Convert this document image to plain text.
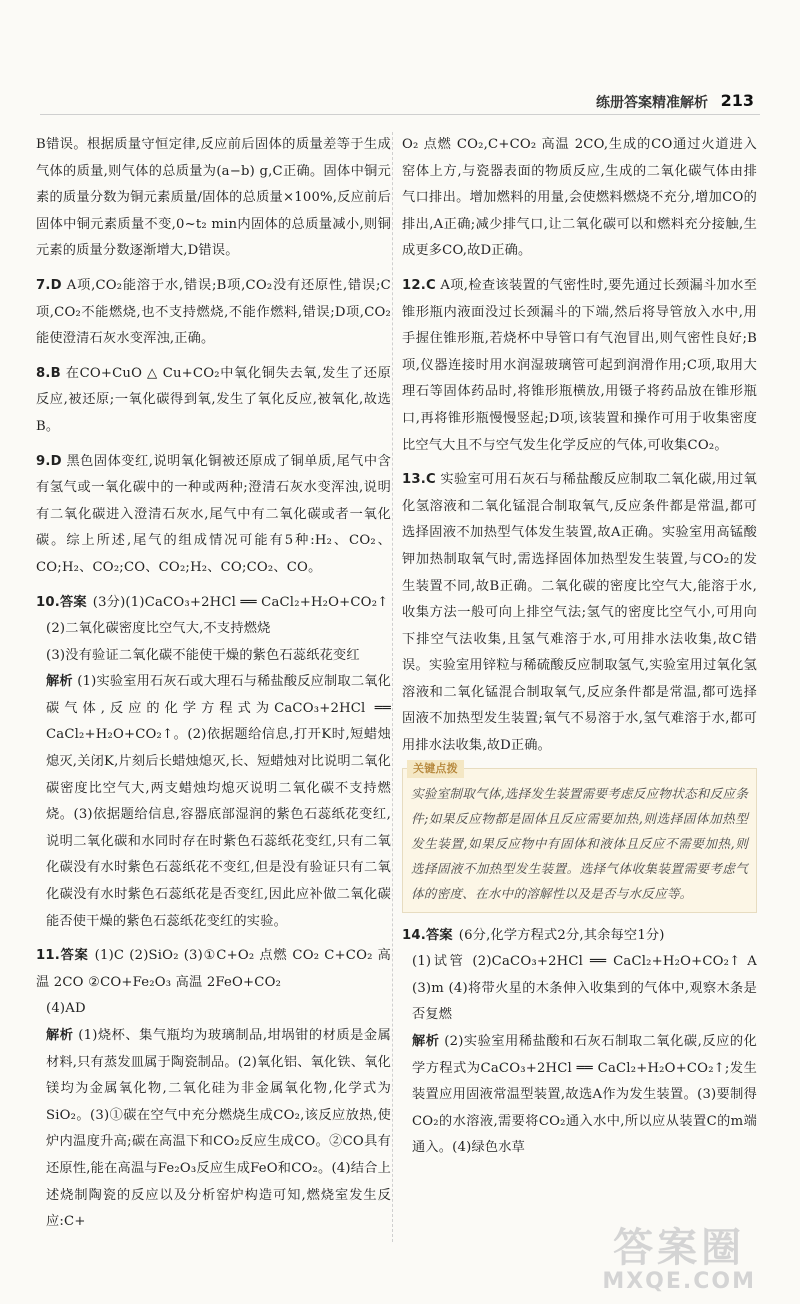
练册答案精准解析 213

B错误。根据质量守恒定律,反应前后固体的质量差等于生成气体的质量,则气体的总质量为(a−b) g,C正确。固体中铜元素的质量分数为铜元素质量/固体的总质量×100%,反应前后固体中铜元素质量不变,0~t₂ min内固体的总质量减小,则铜元素的质量分数逐渐增大,D错误。

7.D A项,CO₂能溶于水,错误;B项,CO₂没有还原性,错误;C项,CO₂不能燃烧,也不支持燃烧,不能作燃料,错误;D项,CO₂能使澄清石灰水变浑浊,正确。

8.B 在CO+CuO △ Cu+CO₂中氧化铜失去氧,发生了还原反应,被还原;一氧化碳得到氧,发生了氧化反应,被氧化,故选B。

9.D 黑色固体变红,说明氧化铜被还原成了铜单质,尾气中含有氢气或一氧化碳中的一种或两种;澄清石灰水变浑浊,说明有二氧化碳进入澄清石灰水,尾气中有二氧化碳或者一氧化碳。综上所述,尾气的组成情况可能有5种:H₂、CO₂、CO;H₂、CO₂;CO、CO₂;H₂、CO;CO₂、CO。

10.答案 (3分)(1)CaCO₃+2HCl ══ CaCl₂+H₂O+CO₂↑

(2)二氧化碳密度比空气大,不支持燃烧

(3)没有验证二氧化碳不能使干燥的紫色石蕊纸花变红

解析 (1)实验室用石灰石或大理石与稀盐酸反应制取二氧化碳气体,反应的化学方程式为CaCO₃+2HCl ══ CaCl₂+H₂O+CO₂↑。(2)依据题给信息,打开K时,短蜡烛熄灭,关闭K,片刻后长蜡烛熄灭,长、短蜡烛对比说明二氧化碳密度比空气大,两支蜡烛均熄灭说明二氧化碳不支持燃烧。(3)依据题给信息,容器底部湿润的紫色石蕊纸花变红,说明二氧化碳和水同时存在时紫色石蕊纸花变红,只有二氧化碳没有水时紫色石蕊纸花不变红,但是没有验证只有二氧化碳没有水时紫色石蕊纸花是否变红,因此应补做二氧化碳能否使干燥的紫色石蕊纸花变红的实验。

11.答案 (1)C (2)SiO₂ (3)①C+O₂ 点燃 CO₂ C+CO₂ 高温 2CO ②CO+Fe₂O₃ 高温 2FeO+CO₂

(4)AD

解析 (1)烧杯、集气瓶均为玻璃制品,坩埚钳的材质是金属材料,只有蒸发皿属于陶瓷制品。(2)氧化铝、氧化铁、氧化镁均为金属氧化物,二氧化硅为非金属氧化物,化学式为SiO₂。(3)①碳在空气中充分燃烧生成CO₂,该反应放热,使炉内温度升高;碳在高温下和CO₂反应生成CO。②CO具有还原性,能在高温与Fe₂O₃反应生成FeO和CO₂。(4)结合上述烧制陶瓷的反应以及分析窑炉构造可知,燃烧室发生反应:C+

O₂ 点燃 CO₂,C+CO₂ 高温 2CO,生成的CO通过火道进入窑体上方,与瓷器表面的物质反应,生成的二氧化碳气体由排气口排出。增加燃料的用量,会使燃料燃烧不充分,增加CO的排出,A正确;减少排气口,让二氧化碳可以和燃料充分接触,生成更多CO,故D正确。

12.C A项,检查该装置的气密性时,要先通过长颈漏斗加水至锥形瓶内液面没过长颈漏斗的下端,然后将导管放入水中,用手握住锥形瓶,若烧杯中导管口有气泡冒出,则气密性良好;B项,仪器连接时用水润湿玻璃管可起到润滑作用;C项,取用大理石等固体药品时,将锥形瓶横放,用镊子将药品放在锥形瓶口,再将锥形瓶慢慢竖起;D项,该装置和操作可用于收集密度比空气大且不与空气发生化学反应的气体,可收集CO₂。

13.C 实验室可用石灰石与稀盐酸反应制取二氧化碳,用过氧化氢溶液和二氧化锰混合制取氧气,反应条件都是常温,都可选择固液不加热型气体发生装置,故A正确。实验室用高锰酸钾加热制取氧气时,需选择固体加热型发生装置,与CO₂的发生装置不同,故B正确。二氧化碳的密度比空气大,能溶于水,收集方法一般可向上排空气法;氢气的密度比空气小,可用向下排空气法收集,且氢气难溶于水,可用排水法收集,故C错误。实验室用锌粒与稀硫酸反应制取氢气,实验室用过氧化氢溶液和二氧化锰混合制取氧气,反应条件都是常温,都可选择固液不加热型发生装置;氧气不易溶于水,氢气难溶于水,都可用排水法收集,故D正确。

关键点拨

实验室制取气体,选择发生装置需要考虑反应物状态和反应条件;如果反应物都是固体且反应需要加热,则选择固体加热型发生装置,如果反应物中有固体和液体且反应不需要加热,则选择固液不加热型发生装置。选择气体收集装置需要考虑气体的密度、在水中的溶解性以及是否与水反应等。

14.答案 (6分,化学方程式2分,其余每空1分)

(1)试管 (2)CaCO₃+2HCl ══ CaCl₂+H₂O+CO₂↑ A (3)m (4)将带火星的木条伸入收集到的气体中,观察木条是否复燃

解析 (2)实验室用稀盐酸和石灰石制取二氧化碳,反应的化学方程式为CaCO₃+2HCl ══ CaCl₂+H₂O+CO₂↑;发生装置应用固液常温型装置,故选A作为发生装置。(3)要制得CO₂的水溶液,需要将CO₂通入水中,所以应从装置C的m端通入。(4)绿色水草

答案圈
MXQE.COM
